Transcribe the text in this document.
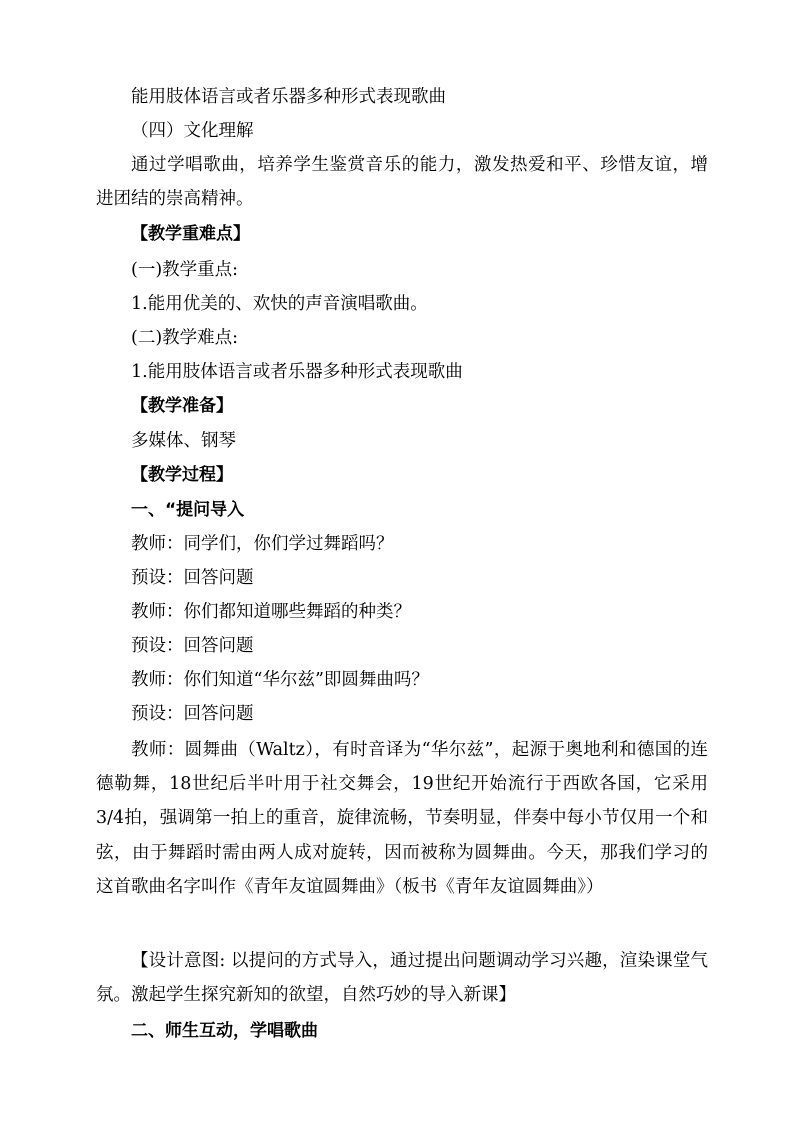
能用肢体语言或者乐器多种形式表现歌曲
（四）文化理解
通过学唱歌曲，培养学生鉴赏音乐的能力，激发热爱和平、珍惜友谊，增进团结的崇高精神。
【教学重难点】
(一)教学重点:
1.能用优美的、欢快的声音演唱歌曲。
(二)教学难点:
1.能用肢体语言或者乐器多种形式表现歌曲
【教学准备】
多媒体、钢琴
【教学过程】
一、“提问导入
教师：同学们，你们学过舞蹈吗？
预设：回答问题
教师：你们都知道哪些舞蹈的种类？
预设：回答问题
教师：你们知道“华尔兹”即圆舞曲吗？
预设：回答问题
教师：圆舞曲（Waltz），有时音译为“华尔兹”，起源于奥地利和德国的连德勒舞，18世纪后半叶用于社交舞会，19世纪开始流行于西欧各国，它采用3/4拍，强调第一拍上的重音，旋律流畅，节奏明显，伴奏中每小节仅用一个和弦，由于舞蹈时需由两人成对旋转，因而被称为圆舞曲。今天，那我们学习的这首歌曲名字叫作《青年友谊圆舞曲》（板书《青年友谊圆舞曲》）
【设计意图: 以提问的方式导入，通过提出问题调动学习兴趣，渲染课堂气氛。激起学生探究新知的欲望，自然巧妙的导入新课】
二、师生互动，学唱歌曲
